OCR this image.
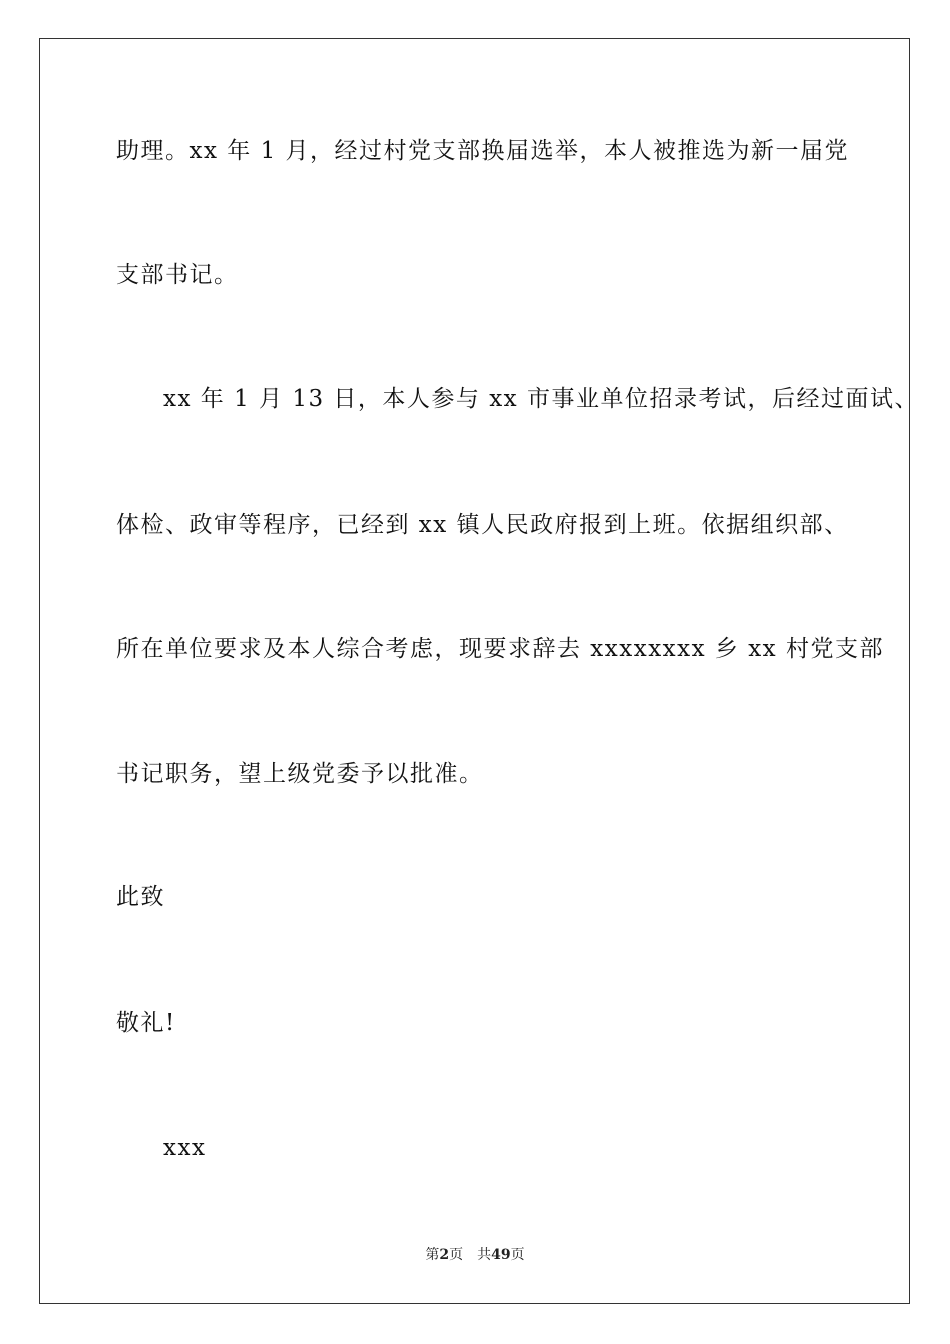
助理。xx 年 1 月，经过村党支部换届选举，本人被推选为新一届党
支部书记。
xx 年 1 月 13 日，本人参与 xx 市事业单位招录考试，后经过面试、
体检、政审等程序，已经到 xx 镇人民政府报到上班。依据组织部、
所在单位要求及本人综合考虑，现要求辞去 xxxxxxxx 乡 xx 村党支部
书记职务，望上级党委予以批准。
此致
敬礼!
xxx
第2页 共49页
